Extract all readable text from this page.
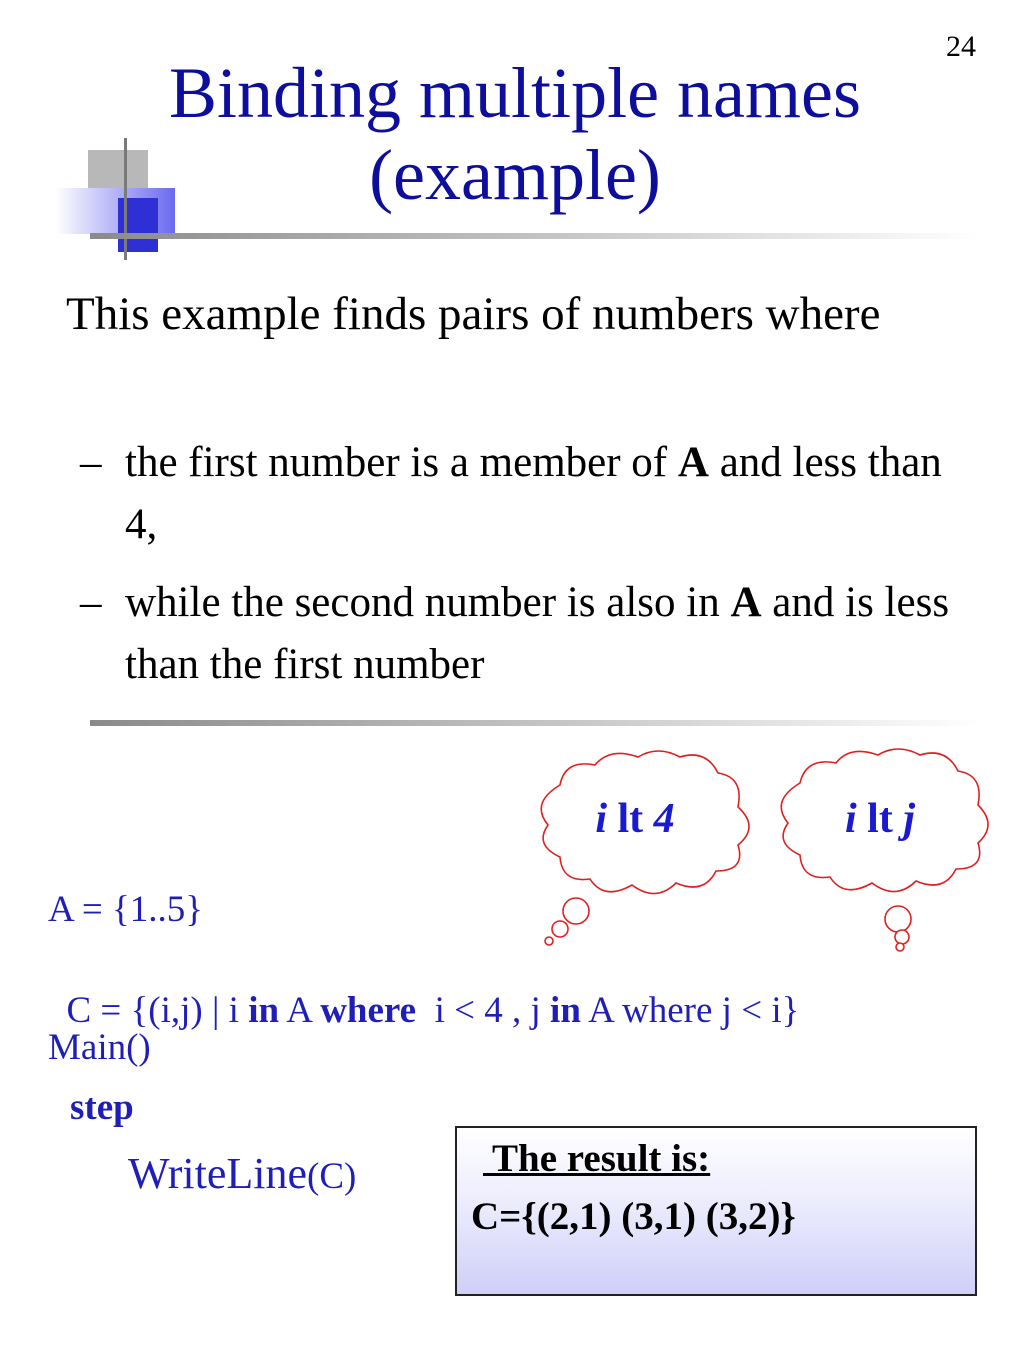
24
Binding multiple names
(example)
This example finds pairs of numbers where
– the first number is a member of A and less than 4,
– while the second number is also in A and is less than the first number
i lt 4	i lt j
A = {1..5}

C = {(i,j) | i in A where  i < 4 , j in A where j < i}

Main()
step
WriteLine(C)	The result is:
C={(2,1) (3,1) (3,2)}
